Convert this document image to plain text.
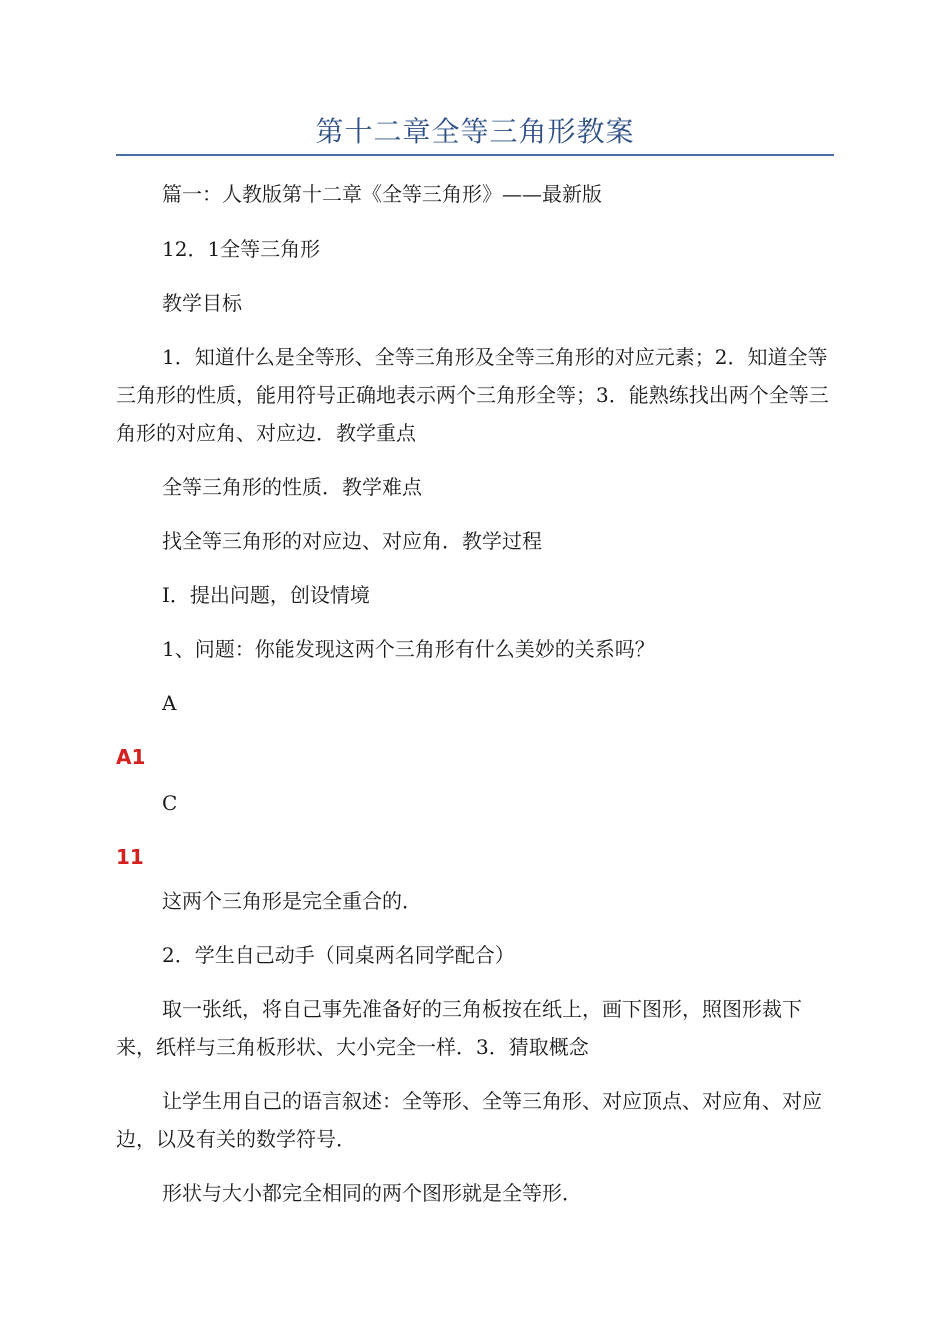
第十二章全等三角形教案
篇一：人教版第十二章《全等三角形》——最新版
12．1全等三角形
教学目标
1．知道什么是全等形、全等三角形及全等三角形的对应元素；2．知道全等三角形的性质，能用符号正确地表示两个三角形全等；3．能熟练找出两个全等三角形的对应角、对应边．教学重点
全等三角形的性质．教学难点
找全等三角形的对应边、对应角．教学过程
Ⅰ．提出问题，创设情境
1、问题：你能发现这两个三角形有什么美妙的关系吗？
A
A1
C
11
这两个三角形是完全重合的．
2．学生自己动手（同桌两名同学配合）
取一张纸，将自己事先准备好的三角板按在纸上，画下图形，照图形裁下来，纸样与三角板形状、大小完全一样．3．猜取概念
让学生用自己的语言叙述：全等形、全等三角形、对应顶点、对应角、对应边，以及有关的数学符号．
形状与大小都完全相同的两个图形就是全等形．
